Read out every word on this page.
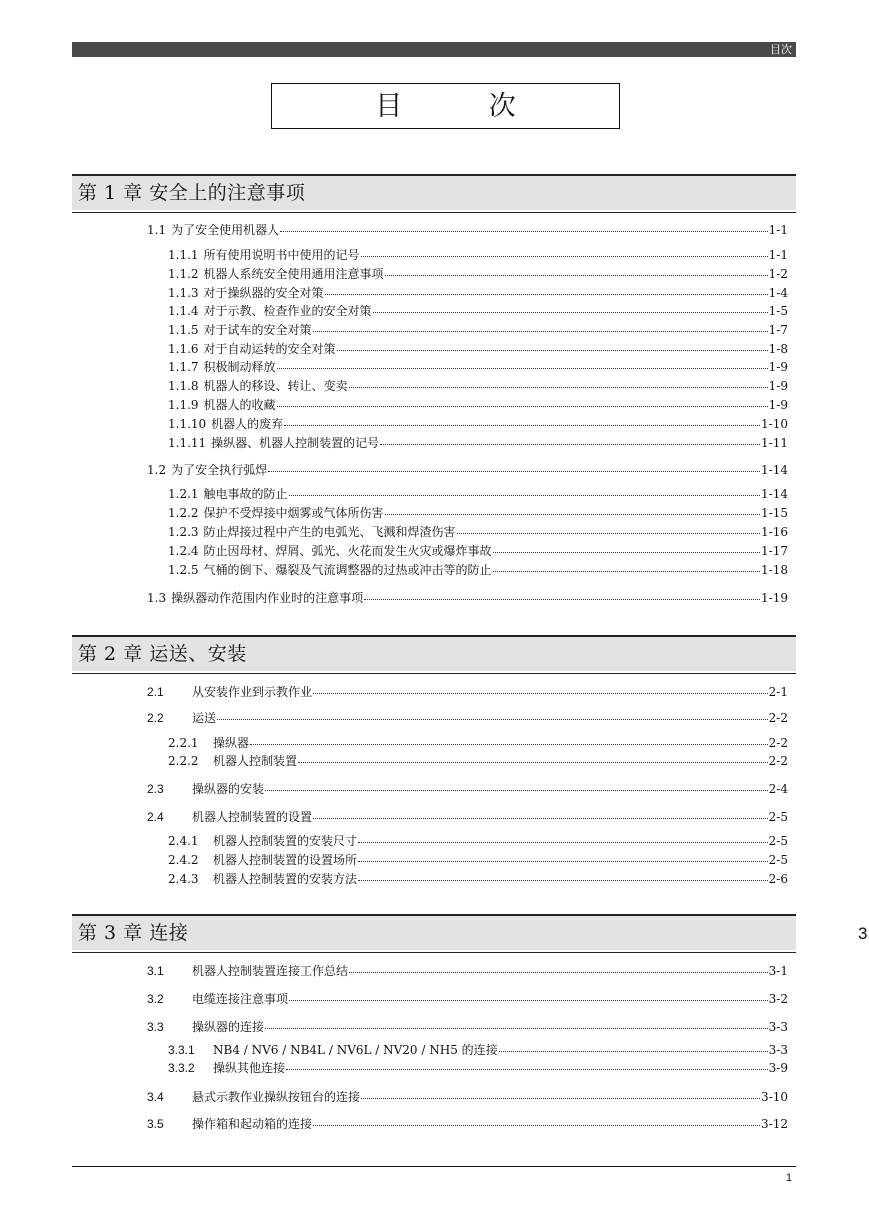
目次
目	次
第 1 章 安全上的注意事项
1.1 为了安全使用机器人	1-1
1.1.1 所有使用说明书中使用的记号	1-1
1.1.2 机器人系统安全使用通用注意事项	1-2
1.1.3 对于操纵器的安全对策	1-4
1.1.4 对于示教、检查作业的安全对策	1-5
1.1.5 对于试车的安全对策	1-7
1.1.6 对于自动运转的安全对策	1-8
1.1.7 积极制动释放	1-9
1.1.8 机器人的移设、转让、变卖	1-9
1.1.9 机器人的收藏	1-9
1.1.10 机器人的废弃	1-10
1.1.11 操纵器、机器人控制装置的记号	1-11
1.2 为了安全执行弧焊	1-14
1.2.1 触电事故的防止	1-14
1.2.2 保护不受焊接中烟雾或气体所伤害	1-15
1.2.3 防止焊接过程中产生的电弧光、飞溅和焊渣伤害	1-16
1.2.4 防止因母材、焊屑、弧光、火花而发生火灾或爆炸事故	1-17
1.2.5 气桶的倒下、爆裂及气流调整器的过热或冲击等的防止	1-18
1.3 操纵器动作范围内作业时的注意事项	1-19
第 2 章 运送、安装
2.1	从安装作业到示教作业	2-1
2.2	运送	2-2
2.2.1	操纵器	2-2
2.2.2	机器人控制装置	2-2
2.3	操纵器的安装	2-4
2.4	机器人控制装置的设置	2-5
2.4.1	机器人控制装置的安装尺寸	2-5
2.4.2	机器人控制装置的设置场所	2-5
2.4.3	机器人控制装置的安装方法	2-6
第 3 章 连接
3.1	机器人控制装置连接工作总结	3-1
3.2	电缆连接注意事项	3-2
3.3	操纵器的连接	3-3
3.3.1	NB4 / NV6 / NB4L / NV6L / NV20 / NH5 的连接	3-3
3.3.2	操纵其他连接	3-9
3.4	悬式示教作业操纵按钮台的连接	3-10
3.5	操作箱和起动箱的连接	3-12
3
1
